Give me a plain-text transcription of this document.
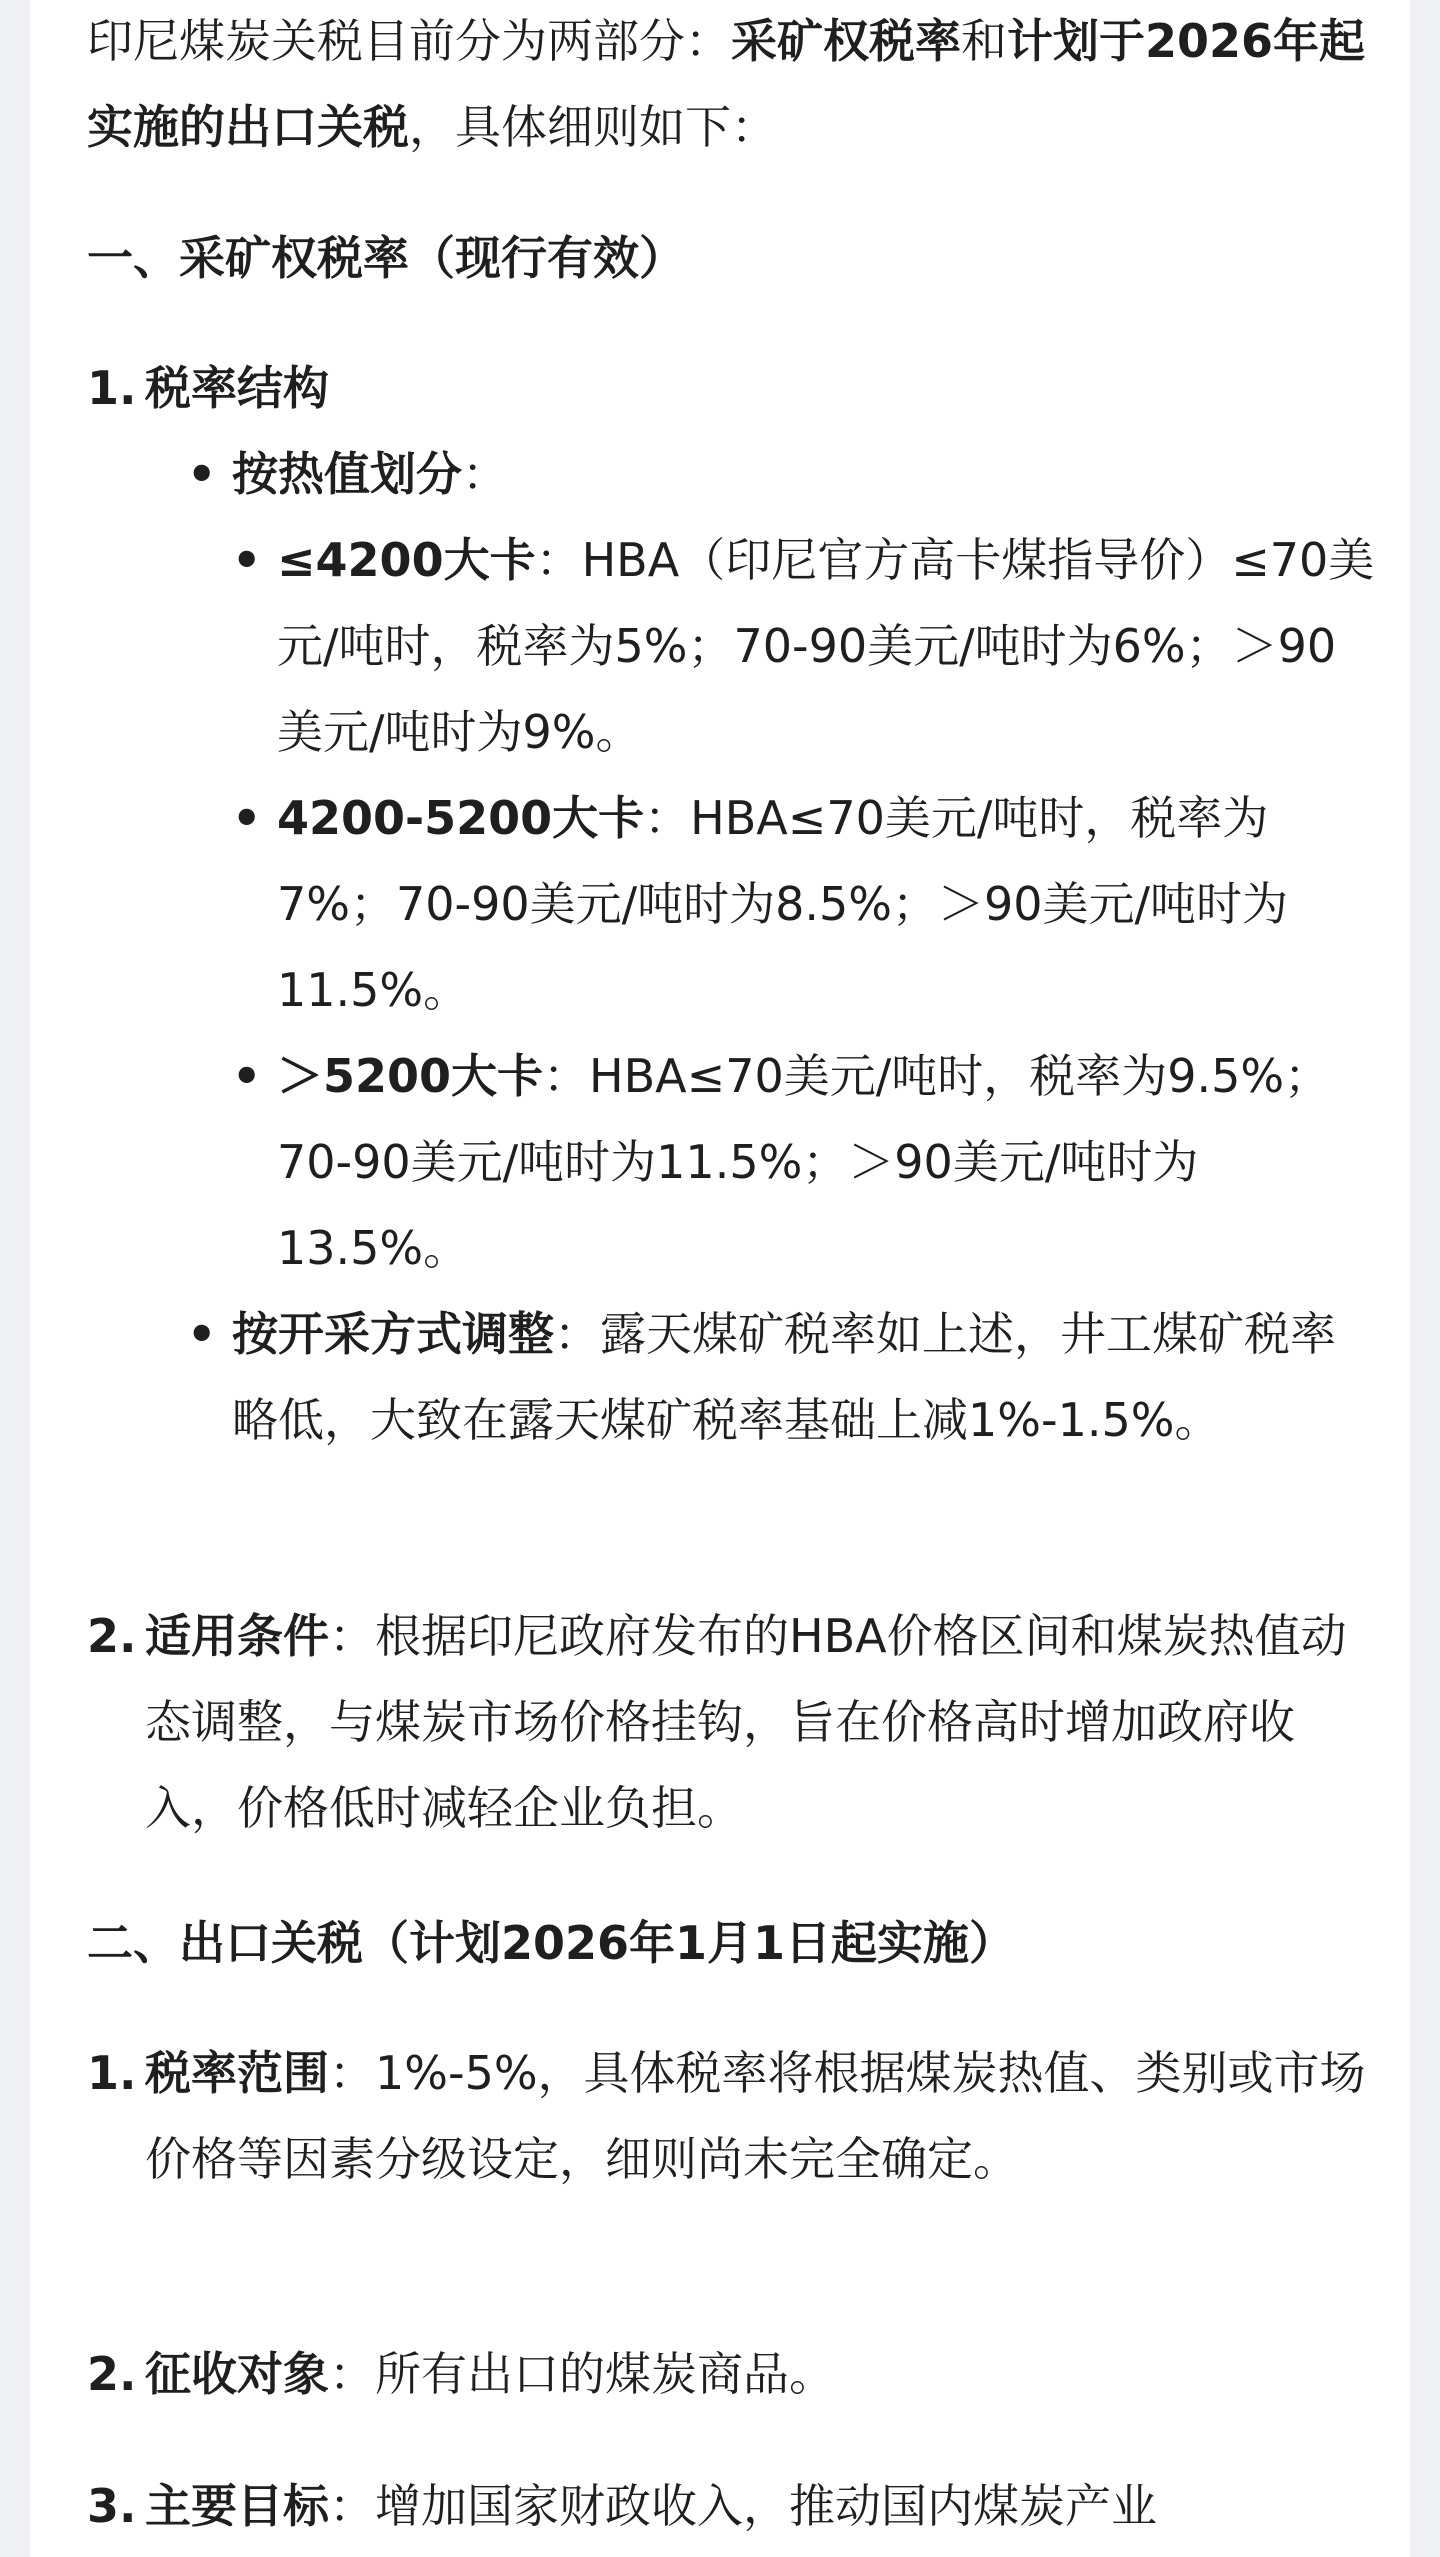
印尼煤炭关税目前分为两部分：采矿权税率和计划于2026年起实施的出口关税，具体细则如下：

一、采矿权税率（现行有效）

1. 税率结构
• 按热值划分：
• ≤4200大卡：HBA（印尼官方高卡煤指导价）≤70美元/吨时，税率为5%；70-90美元/吨时为6%；＞90美元/吨时为9%。
• 4200-5200大卡：HBA≤70美元/吨时，税率为7%；70-90美元/吨时为8.5%；＞90美元/吨时为11.5%。
• ＞5200大卡：HBA≤70美元/吨时，税率为9.5%；70-90美元/吨时为11.5%；＞90美元/吨时为13.5%。
• 按开采方式调整：露天煤矿税率如上述，井工煤矿税率略低，大致在露天煤矿税率基础上减1%-1.5%。
2. 适用条件：根据印尼政府发布的HBA价格区间和煤炭热值动态调整，与煤炭市场价格挂钩，旨在价格高时增加政府收入，价格低时减轻企业负担。

二、出口关税（计划2026年1月1日起实施）

1. 税率范围：1%-5%，具体税率将根据煤炭热值、类别或市场价格等因素分级设定，细则尚未完全确定。
2. 征收对象：所有出口的煤炭商品。
3. 主要目标：增加国家财政收入，推动国内煤炭产业
